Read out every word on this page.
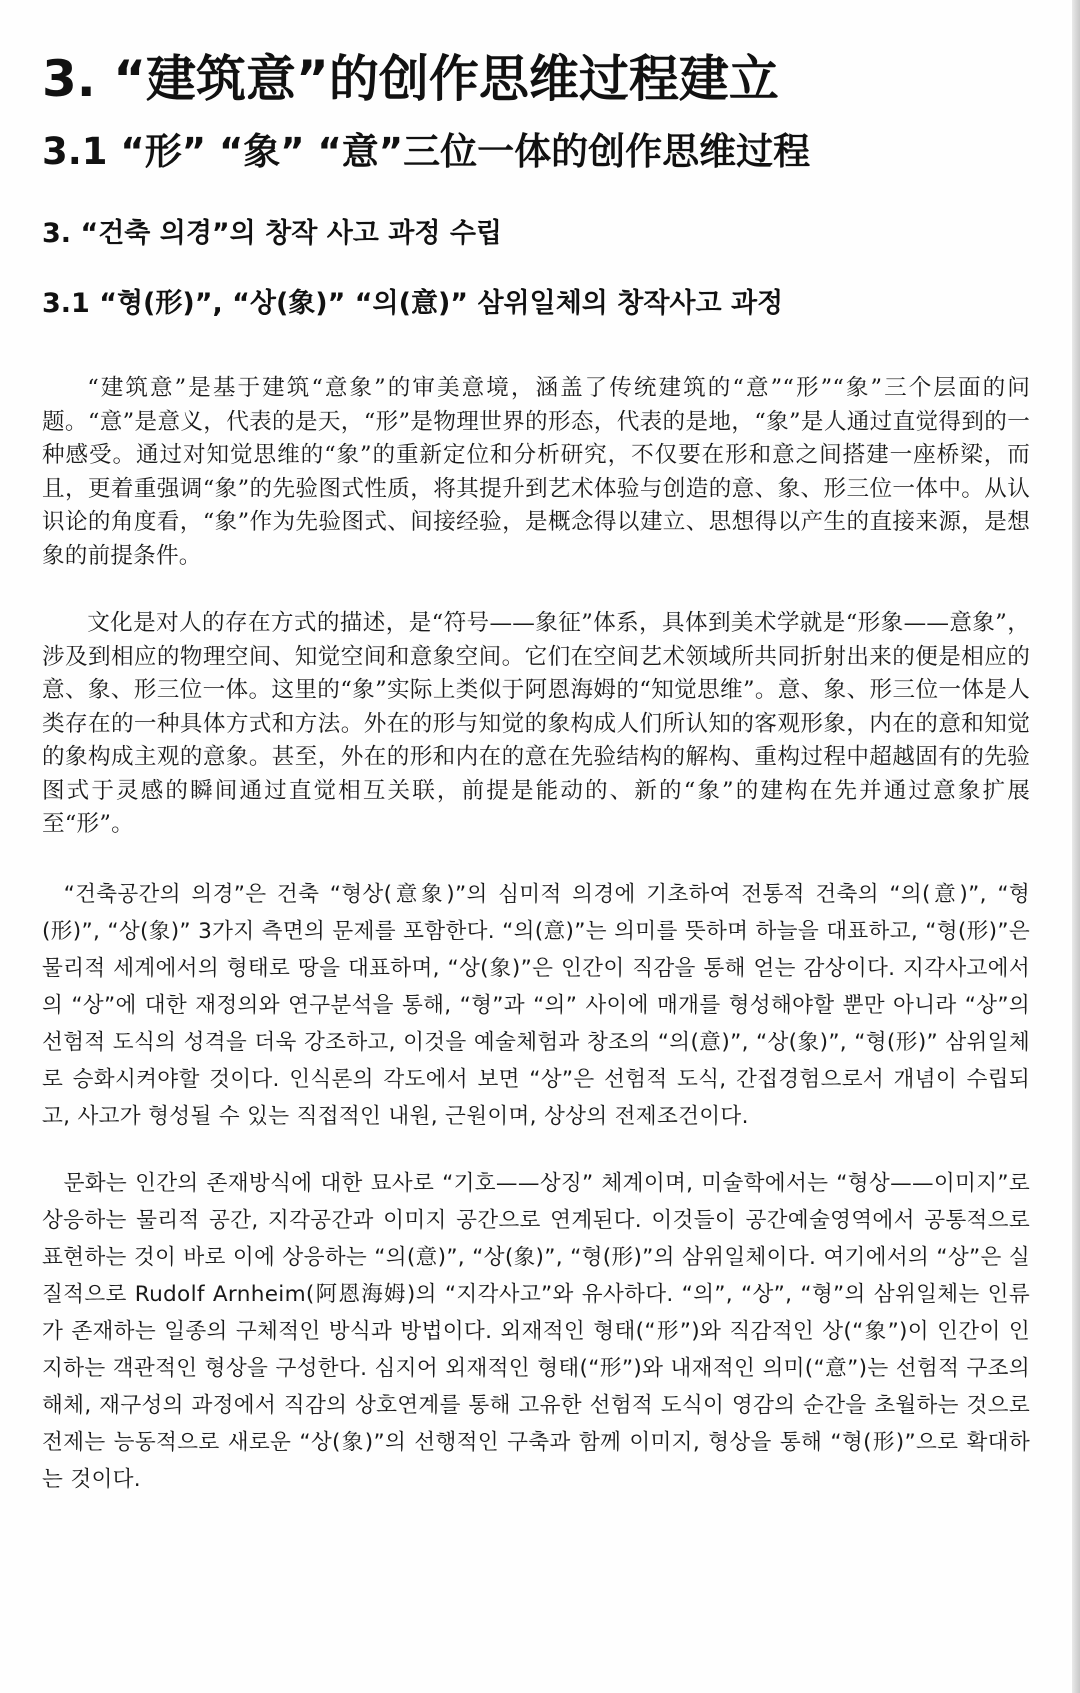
3. “建筑意”的创作思维过程建立
3.1 “形” “象” “意”三位一体的创作思维过程
3. “건축 의경”의 창작 사고 과정 수립
3.1 “형(形)”, “상(象)” “의(意)” 삼위일체의 창작사고 과정

“建筑意”是基于建筑“意象”的审美意境，涵盖了传统建筑的“意”“形”“象”三个层面的问题。“意”是意义，代表的是天，“形”是物理世界的形态，代表的是地，“象”是人通过直觉得到的一种感受。通过对知觉思维的“象”的重新定位和分析研究，不仅要在形和意之间搭建一座桥梁，而且，更着重强调“象”的先验图式性质，将其提升到艺术体验与创造的意、象、形三位一体中。从认识论的角度看，“象”作为先验图式、间接经验，是概念得以建立、思想得以产生的直接来源，是想象的前提条件。

文化是对人的存在方式的描述，是“符号——象征”体系，具体到美术学就是“形象——意象”，涉及到相应的物理空间、知觉空间和意象空间。它们在空间艺术领域所共同折射出来的便是相应的意、象、形三位一体。这里的“象”实际上类似于阿恩海姆的“知觉思维”。意、象、形三位一体是人类存在的一种具体方式和方法。外在的形与知觉的象构成人们所认知的客观形象，内在的意和知觉的象构成主观的意象。甚至，外在的形和内在的意在先验结构的解构、重构过程中超越固有的先验图式于灵感的瞬间通过直觉相互关联，前提是能动的、新的“象”的建构在先并通过意象扩展至“形”。

“건축공간의 의경”은 건축 “형상(意象)”의 심미적 의경에 기초하여 전통적 건축의 “의(意)”, “형(形)”, “상(象)” 3가지 측면의 문제를 포함한다. “의(意)”는 의미를 뜻하며 하늘을 대표하고, “형(形)”은 물리적 세계에서의 형태로 땅을 대표하며, “상(象)”은 인간이 직감을 통해 얻는 감상이다. 지각사고에서의 “상”에 대한 재정의와 연구분석을 통해, “형”과 “의” 사이에 매개를 형성해야할 뿐만 아니라 “상”의 선험적 도식의 성격을 더욱 강조하고, 이것을 예술체험과 창조의 “의(意)”, “상(象)”, “형(形)” 삼위일체로 승화시켜야할 것이다. 인식론의 각도에서 보면 “상”은 선험적 도식, 간접경험으로서 개념이 수립되고, 사고가 형성될 수 있는 직접적인 내원, 근원이며, 상상의 전제조건이다.

문화는 인간의 존재방식에 대한 묘사로 “기호——상징” 체계이며, 미술학에서는 “형상——이미지”로 상응하는 물리적 공간, 지각공간과 이미지 공간으로 연계된다. 이것들이 공간예술영역에서 공통적으로 표현하는 것이 바로 이에 상응하는 “의(意)”, “상(象)”, “형(形)”의 삼위일체이다. 여기에서의 “상”은 실질적으로 Rudolf Arnheim(阿恩海姆)의 “지각사고”와 유사하다. “의”, “상”, “형”의 삼위일체는 인류가 존재하는 일종의 구체적인 방식과 방법이다. 외재적인 형태(“形”)와 직감적인 상(“象”)이 인간이 인지하는 객관적인 형상을 구성한다. 심지어 외재적인 형태(“形”)와 내재적인 의미(“意”)는 선험적 구조의 해체, 재구성의 과정에서 직감의 상호연계를 통해 고유한 선험적 도식이 영감의 순간을 초월하는 것으로 전제는 능동적으로 새로운 “상(象)”의 선행적인 구축과 함께 이미지, 형상을 통해 “형(形)”으로 확대하는 것이다.
